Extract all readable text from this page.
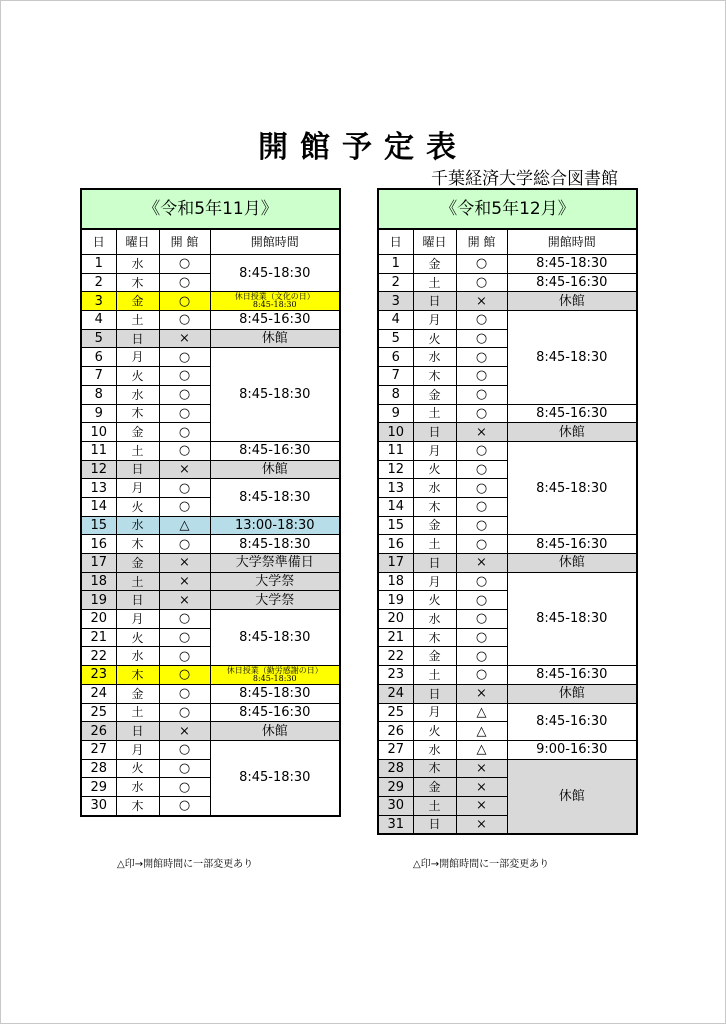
開館予定表
千葉経済大学総合図書館
《令和5年11月》			
日	曜日	開 館	開館時間
1	水	○	8:45-18:30
2	木	○	
3	金	○	休日授業（文化の日）
8:45-18:30
4	土	○	8:45-16:30
5	日	×	休館
6	月	○	8:45-18:30
7	火	○	
8	水	○	
9	木	○	
10	金	○	
11	土	○	8:45-16:30
12	日	×	休館
13	月	○	8:45-18:30
14	火	○	
15	水	△	13:00-18:30
16	木	○	8:45-18:30
17	金	×	大学祭準備日
18	土	×	大学祭
19	日	×	大学祭
20	月	○	8:45-18:30
21	火	○	
22	水	○	
23	木	○	休日授業（勤労感謝の日）
8:45-18:30
24	金	○	8:45-18:30
25	土	○	8:45-16:30
26	日	×	休館
27	月	○	8:45-18:30
28	火	○	
29	水	○	
30	木	○	
《令和5年12月》			
日	曜日	開 館	開館時間
1	金	○	8:45-18:30
2	土	○	8:45-16:30
3	日	×	休館
4	月	○	8:45-18:30
5	火	○	
6	水	○	
7	木	○	
8	金	○	
9	土	○	8:45-16:30
10	日	×	休館
11	月	○	8:45-18:30
12	火	○	
13	水	○	
14	木	○	
15	金	○	
16	土	○	8:45-16:30
17	日	×	休館
18	月	○	8:45-18:30
19	火	○	
20	水	○	
21	木	○	
22	金	○	
23	土	○	8:45-16:30
24	日	×	休館
25	月	△	8:45-16:30
26	火	△	
27	水	△	9:00-16:30
28	木	×	休館
29	金	×	
30	土	×	
31	日	×	
△印→開館時間に一部変更あり	△印→開館時間に一部変更あり
